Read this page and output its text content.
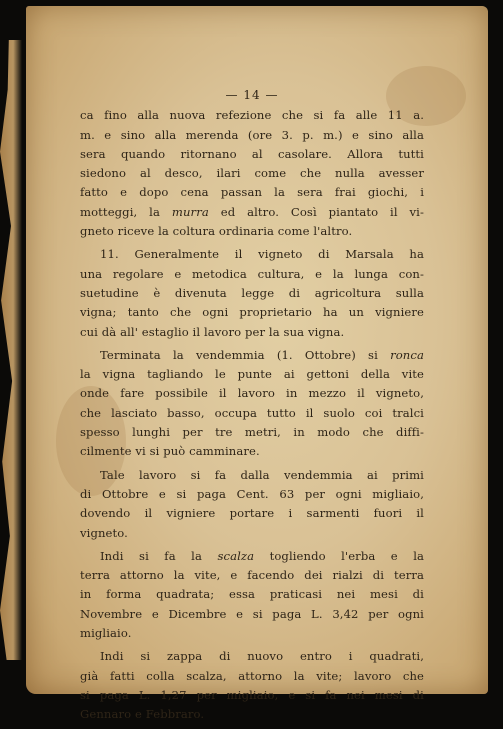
— 14 —
ca fino alla nuova refezione che si fa alle 11 a.
m. e sino alla merenda (ore 3. p. m.) e sino alla
sera quando ritornano al casolare. Allora tutti
siedono al desco, ilari come che nulla avesser
fatto e dopo cena passan la sera frai giochi, i
motteggi, la murra ed altro. Così piantato il vi-
gneto riceve la coltura ordinaria come l'altro.
11. Generalmente il vigneto di Marsala ha
una regolare e metodica cultura, e la lunga con-
suetudine è divenuta legge di agricoltura sulla
vigna; tanto che ogni proprietario ha un vigniere
cui dà all' estaglio il lavoro per la sua vigna.
Terminata la vendemmia (1. Ottobre) si ronca
la vigna tagliando le punte ai gettoni della vite
onde fare possibile il lavoro in mezzo il vigneto,
che lasciato basso, occupa tutto il suolo coi tralci
spesso lunghi per tre metri, in modo che diffi-
cilmente vi si può camminare.
Tale lavoro si fa dalla vendemmia ai primi
di Ottobre e si paga Cent. 63 per ogni migliaio,
dovendo il vigniere portare i sarmenti fuori il
vigneto.
Indi si fa la scalza togliendo l'erba e la
terra attorno la vite, e facendo dei rialzi di terra
in forma quadrata; essa praticasi nei mesi di
Novembre e Dicembre e si paga L. 3,42 per ogni
migliaio.
Indi si zappa di nuovo entro i quadrati,
già fatti colla scalza, attorno la vite; lavoro che
si paga L. 1,27 per migliaio, e si fa nei mesi di
Gennaro e Febbraro.
